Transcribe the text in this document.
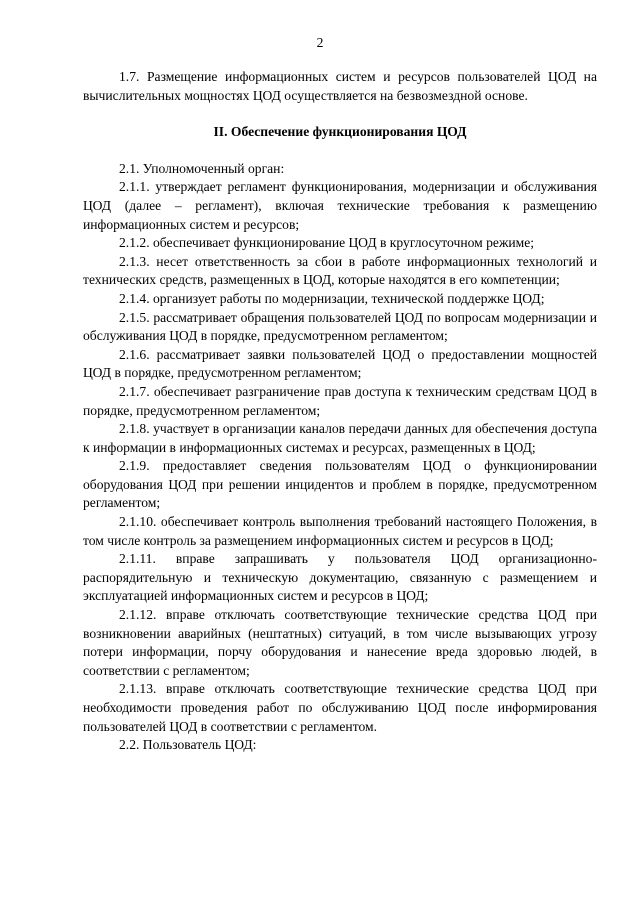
2

1.7. Размещение информационных систем и ресурсов пользователей ЦОД на вычислительных мощностях ЦОД осуществляется на безвозмездной основе.

II. Обеспечение функционирования ЦОД

2.1. Уполномоченный орган:

2.1.1. утверждает регламент функционирования, модернизации и обслуживания ЦОД (далее – регламент), включая технические требования к размещению информационных систем и ресурсов;

2.1.2. обеспечивает функционирование ЦОД в круглосуточном режиме;

2.1.3. несет ответственность за сбои в работе информационных технологий и технических средств, размещенных в ЦОД, которые находятся в его компетенции;

2.1.4. организует работы по модернизации, технической поддержке ЦОД;

2.1.5. рассматривает обращения пользователей ЦОД по вопросам модернизации и обслуживания ЦОД в порядке, предусмотренном регламентом;

2.1.6. рассматривает заявки пользователей ЦОД о предоставлении мощностей ЦОД в порядке, предусмотренном регламентом;

2.1.7. обеспечивает разграничение прав доступа к техническим средствам ЦОД в порядке, предусмотренном регламентом;

2.1.8. участвует в организации каналов передачи данных для обеспечения доступа к информации в информационных системах и ресурсах, размещенных в ЦОД;

2.1.9. предоставляет сведения пользователям ЦОД о функционировании оборудования ЦОД при решении инцидентов и проблем в порядке, предусмотренном регламентом;

2.1.10. обеспечивает контроль выполнения требований настоящего Положения, в том числе контроль за размещением информационных систем и ресурсов в ЦОД;

2.1.11. вправе запрашивать у пользователя ЦОД организационно-распорядительную и техническую документацию, связанную с размещением и эксплуатацией информационных систем и ресурсов в ЦОД;

2.1.12. вправе отключать соответствующие технические средства ЦОД при возникновении аварийных (нештатных) ситуаций, в том числе вызывающих угрозу потери информации, порчу оборудования и нанесение вреда здоровью людей, в соответствии с регламентом;

2.1.13. вправе отключать соответствующие технические средства ЦОД при необходимости проведения работ по обслуживанию ЦОД после информирования пользователей ЦОД в соответствии с регламентом.

2.2. Пользователь ЦОД:
